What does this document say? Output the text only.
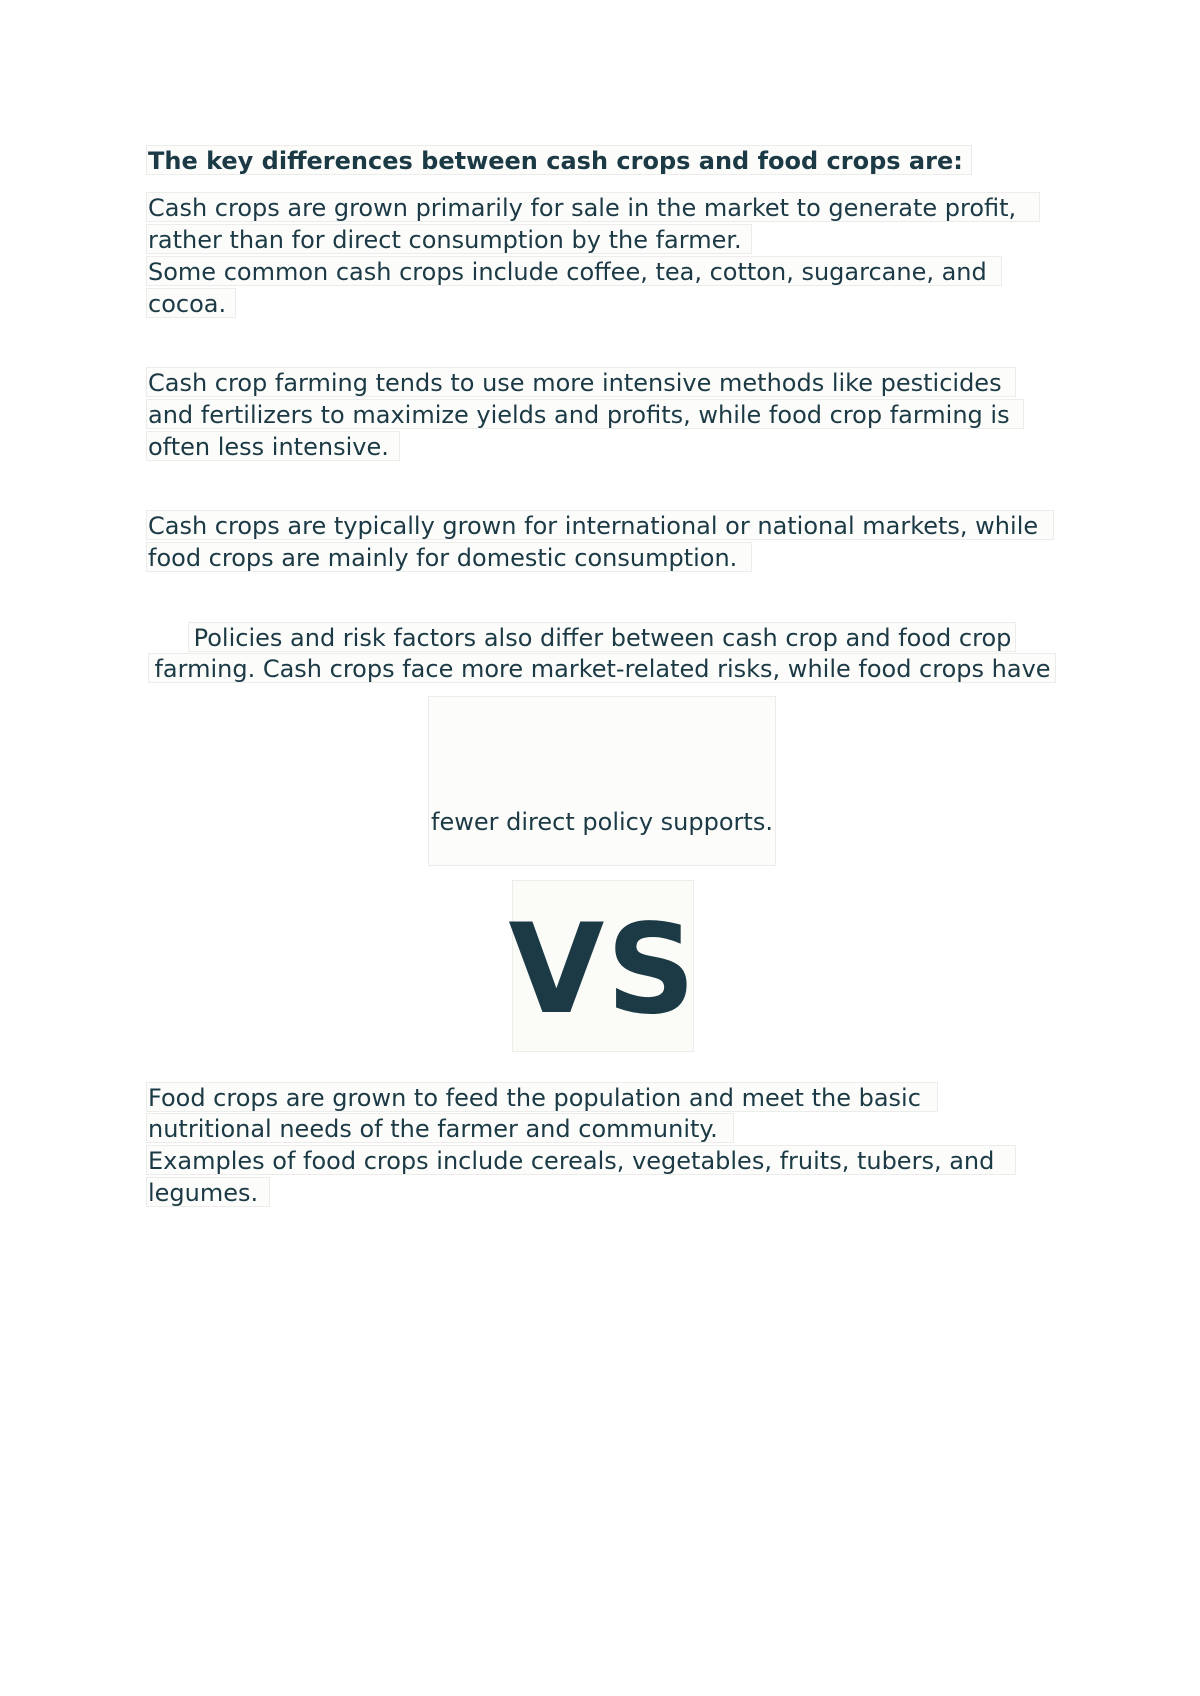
The key differences between cash crops and food crops are:
Cash crops are grown primarily for sale in the market to generate profit,
rather than for direct consumption by the farmer.
Some common cash crops include coffee, tea, cotton, sugarcane, and
cocoa.
Cash crop farming tends to use more intensive methods like pesticides
and fertilizers to maximize yields and profits, while food crop farming is
often less intensive.
Cash crops are typically grown for international or national markets, while
food crops are mainly for domestic consumption.
Policies and risk factors also differ between cash crop and food crop
farming. Cash crops face more market-related risks, while food crops have
fewer direct policy supports.
VS
Food crops are grown to feed the population and meet the basic
nutritional needs of the farmer and community.
Examples of food crops include cereals, vegetables, fruits, tubers, and
legumes.
